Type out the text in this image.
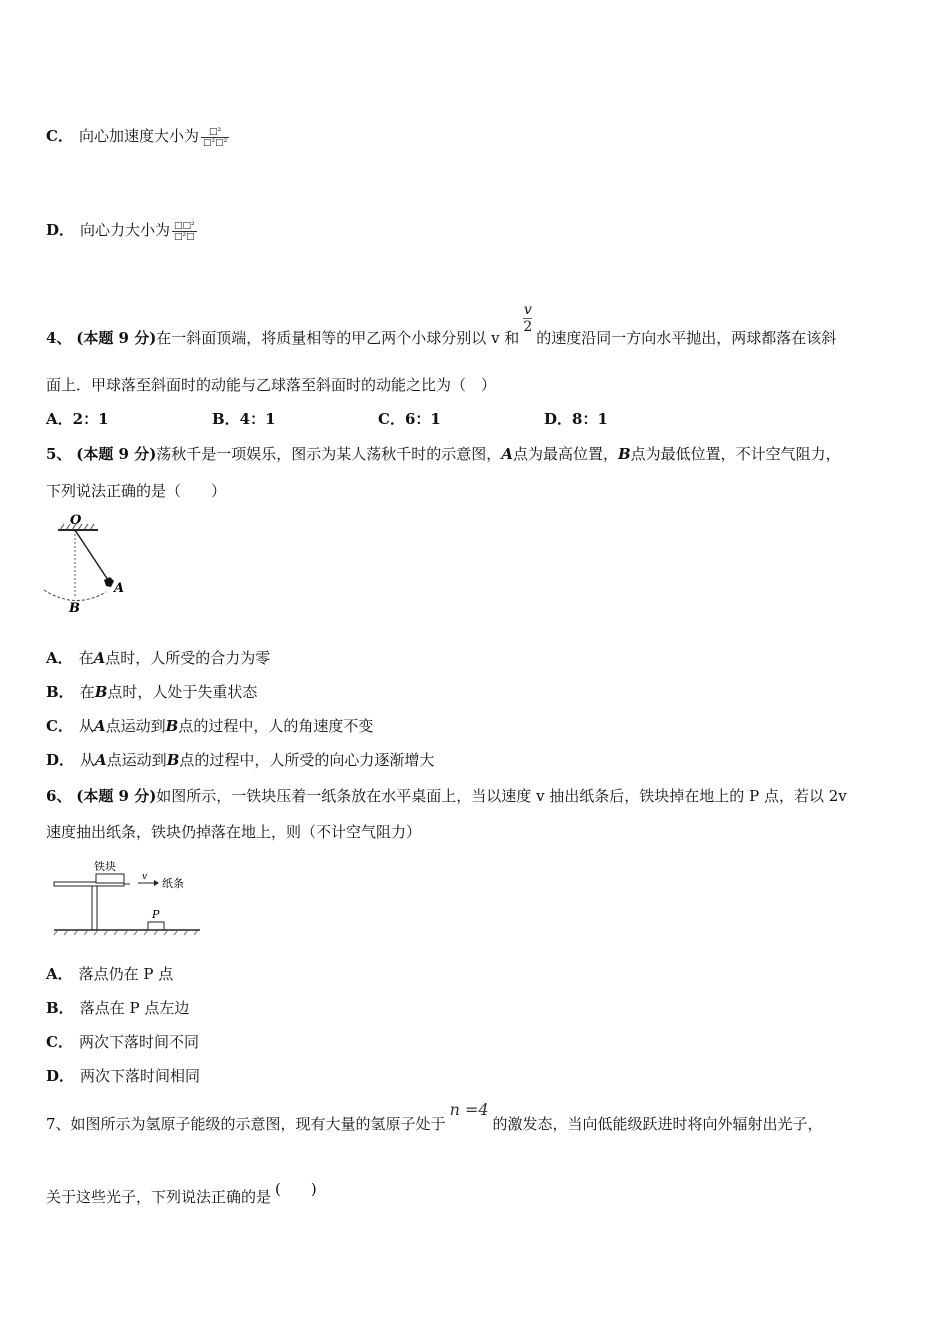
C． 向心加速度大小为 $\frac{\text{□²}}{\text{□²□²}}$
D． 向心力大小为 $\frac{\text{□□²}}{\text{□²□}}$
4、 (本题 9 分)在一斜面顶端，将质量相等的甲乙两个小球分别以 v 和
$\frac{v}{2}$
的速度沿同一方向水平抛出，两球都落在该斜
面上．甲球落至斜面时的动能与乙球落至斜面时的动能之比为（　）
A．2：1	B．4：1	C．6：1	D．8：1
5、 (本题 9 分)荡秋千是一项娱乐，图示为某人荡秋千时的示意图，A点为最高位置，B点为最低位置，不计空气阻力，
下列说法正确的是（　　）
O
A
B
A． 在A点时，人所受的合力为零
B． 在B点时，人处于失重状态
C． 从A点运动到B点的过程中，人的角速度不变
D． 从A点运动到B点的过程中，人所受的向心力逐渐增大
6、 (本题 9 分)如图所示，一铁块压着一纸条放在水平桌面上，当以速度 v 抽出纸条后，铁块掉在地上的 P 点，若以 2v
速度抽出纸条，铁块仍掉落在地上，则（不计空气阻力）
铁块
v 纸条
P
A． 落点仍在 P 点
B． 落点在 P 点左边
C． 两次下落时间不同
D． 两次下落时间相同
7、如图所示为氢原子能级的示意图，现有大量的氢原子处于n =4的激发态，当向低能级跃进时将向外辐射出光子，
关于这些光子，下列说法正确的是 (　　)
